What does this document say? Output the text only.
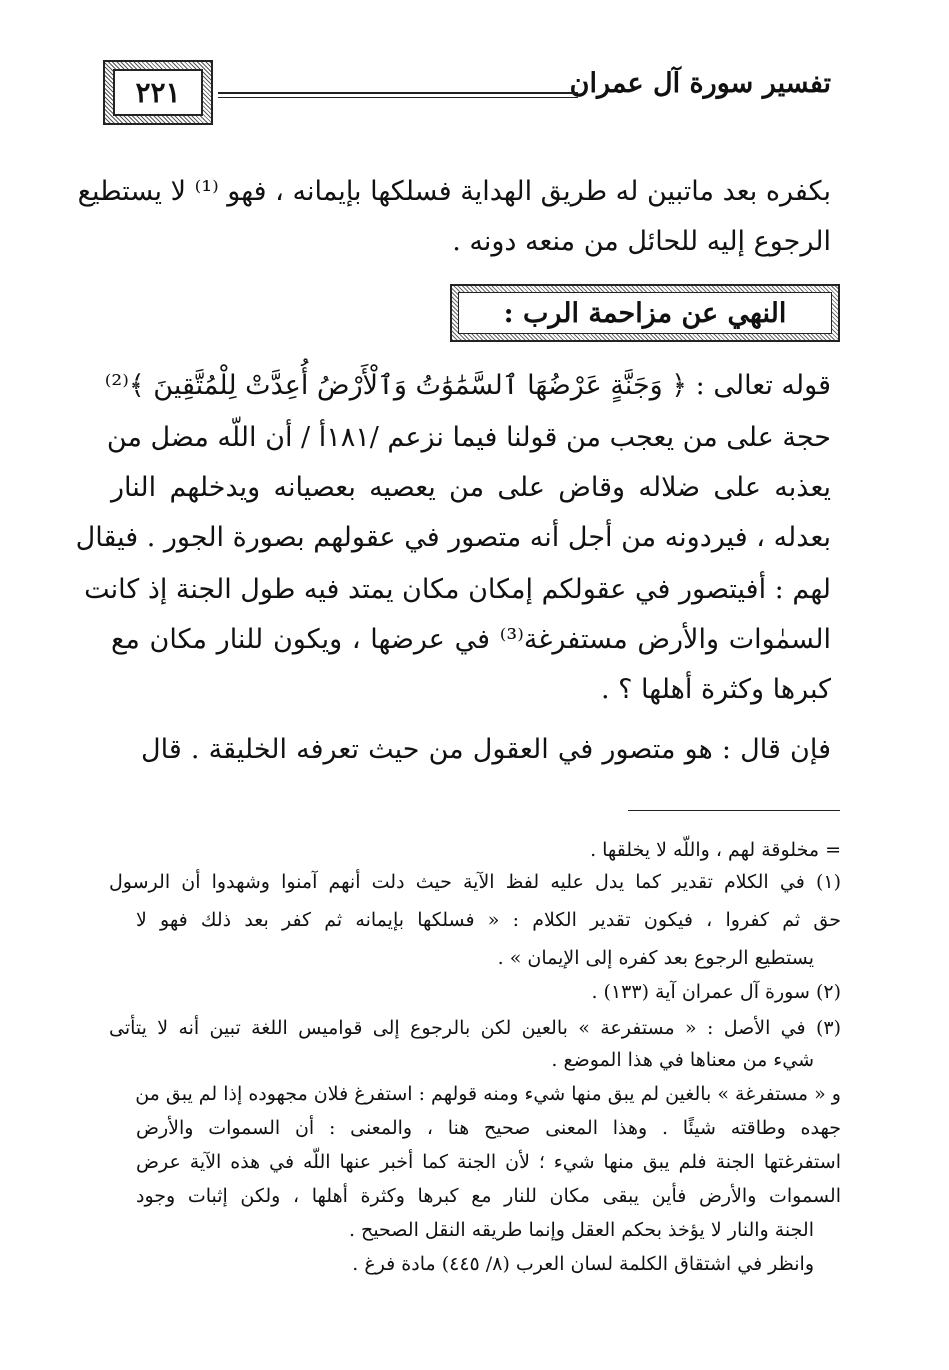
تفسير سورة آل عمران
٢٢١
بكفره بعد ماتبين له طريق الهداية فسلكها بإيمانه ، فهو ⁽¹⁾ لا يستطيع
الرجوع إليه للحائل من منعه دونه .
النهي عن مزاحمة الرب :
قوله تعالى : ﴿ وَجَنَّةٍ عَرْضُهَا ٱلسَّمَٰوَٰتُ وَٱلْأَرْضُ أُعِدَّتْ لِلْمُتَّقِينَ ﴾⁽²⁾
حجة على من يعجب من قولنا فيما نزعم /١٨١أ / أن اللّه مضل من
يعذبه على ضلاله وقاض على من يعصيه بعصيانه ويدخلهم النار
بعدله ، فيردونه من أجل أنه متصور في عقولهم بصورة الجور . فيقال
لهم : أفيتصور في عقولكم إمكان مكان يمتد فيه طول الجنة إذ كانت
السمٰوات والأرض مستفرغة⁽³⁾ في عرضها ، ويكون للنار مكان مع
كبرها وكثرة أهلها ؟ .
فإن قال : هو متصور في العقول من حيث تعرفه الخليقة . قال
= مخلوقة لهم ، واللّه لا يخلقها .
(١) في الكلام تقدير كما يدل عليه لفظ الآية حيث دلت أنهم آمنوا وشهدوا أن الرسول
حق ثم كفروا ، فيكون تقدير الكلام : « فسلكها بإيمانه ثم كفر بعد ذلك فهو لا
يستطيع الرجوع بعد كفره إلى الإيمان » .
(٢) سورة آل عمران آية (١٣٣) .
(٣) في الأصل : « مستفرعة » بالعين لكن بالرجوع إلى قواميس اللغة تبين أنه لا يتأتى
شيء من معناها في هذا الموضع .
و « مستفرغة » بالغين لم يبق منها شيء ومنه قولهم : استفرغ فلان مجهوده إذا لم يبق من
جهده وطاقته شيئًا . وهذا المعنى صحيح هنا ، والمعنى : أن السموات والأرض
استفرغتها الجنة فلم يبق منها شيء ؛ لأن الجنة كما أخبر عنها اللّه في هذه الآية عرض
السموات والأرض فأين يبقى مكان للنار مع كبرها وكثرة أهلها ، ولكن إثبات وجود
الجنة والنار لا يؤخذ بحكم العقل وإنما طريقه النقل الصحيح .
وانظر في اشتقاق الكلمة لسان العرب (٨/ ٤٤٥) مادة فرغ .
